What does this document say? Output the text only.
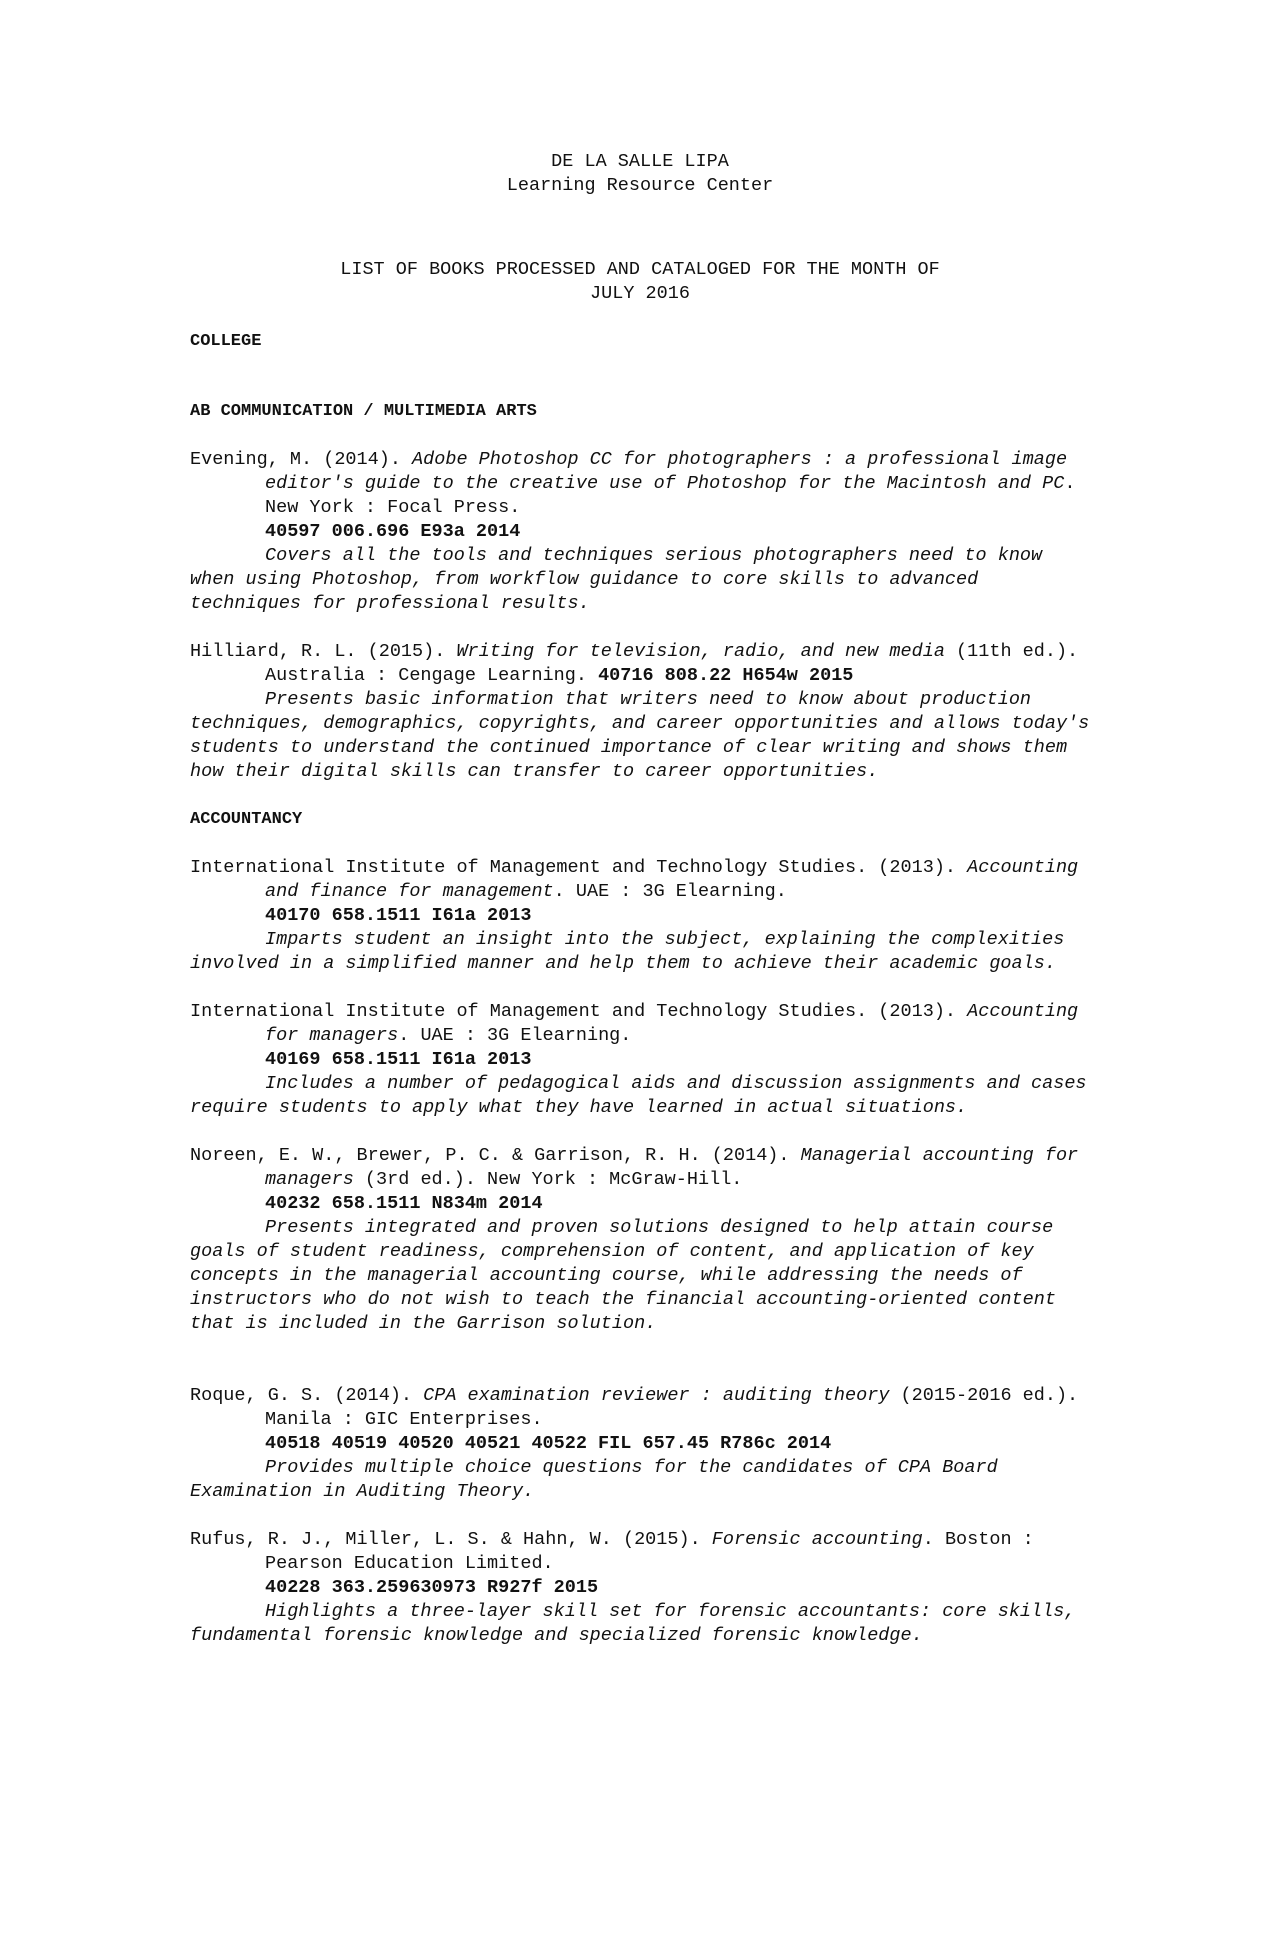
DE LA SALLE LIPA
Learning Resource Center
LIST OF BOOKS PROCESSED AND CATALOGED FOR THE MONTH OF
JULY 2016
COLLEGE
AB COMMUNICATION / MULTIMEDIA ARTS
Evening, M. (2014). Adobe Photoshop CC for photographers : a professional image editor's guide to the creative use of Photoshop for the Macintosh and PC. New York : Focal Press.
40597 006.696 E93a 2014
Covers all the tools and techniques serious photographers need to know when using Photoshop, from workflow guidance to core skills to advanced techniques for professional results.
Hilliard, R. L. (2015). Writing for television, radio, and new media (11th ed.). Australia : Cengage Learning. 40716 808.22 H654w 2015
Presents basic information that writers need to know about production techniques, demographics, copyrights, and career opportunities and allows today's students to understand the continued importance of clear writing and shows them how their digital skills can transfer to career opportunities.
ACCOUNTANCY
International Institute of Management and Technology Studies. (2013). Accounting and finance for management. UAE : 3G Elearning.
40170 658.1511 I61a 2013
Imparts student an insight into the subject, explaining the complexities involved in a simplified manner and help them to achieve their academic goals.
International Institute of Management and Technology Studies. (2013). Accounting for managers. UAE : 3G Elearning.
40169 658.1511 I61a 2013
Includes a number of pedagogical aids and discussion assignments and cases require students to apply what they have learned in actual situations.
Noreen, E. W., Brewer, P. C. & Garrison, R. H. (2014). Managerial accounting for managers (3rd ed.). New York : McGraw-Hill.
40232 658.1511 N834m 2014
Presents integrated and proven solutions designed to help attain course goals of student readiness, comprehension of content, and application of key concepts in the managerial accounting course, while addressing the needs of instructors who do not wish to teach the financial accounting-oriented content that is included in the Garrison solution.
Roque, G. S. (2014). CPA examination reviewer : auditing theory (2015-2016 ed.). Manila : GIC Enterprises.
40518 40519 40520 40521 40522 FIL 657.45 R786c 2014
Provides multiple choice questions for the candidates of CPA Board Examination in Auditing Theory.
Rufus, R. J., Miller, L. S. & Hahn, W. (2015). Forensic accounting. Boston : Pearson Education Limited.
40228 363.259630973 R927f 2015
Highlights a three-layer skill set for forensic accountants: core skills, fundamental forensic knowledge and specialized forensic knowledge.
